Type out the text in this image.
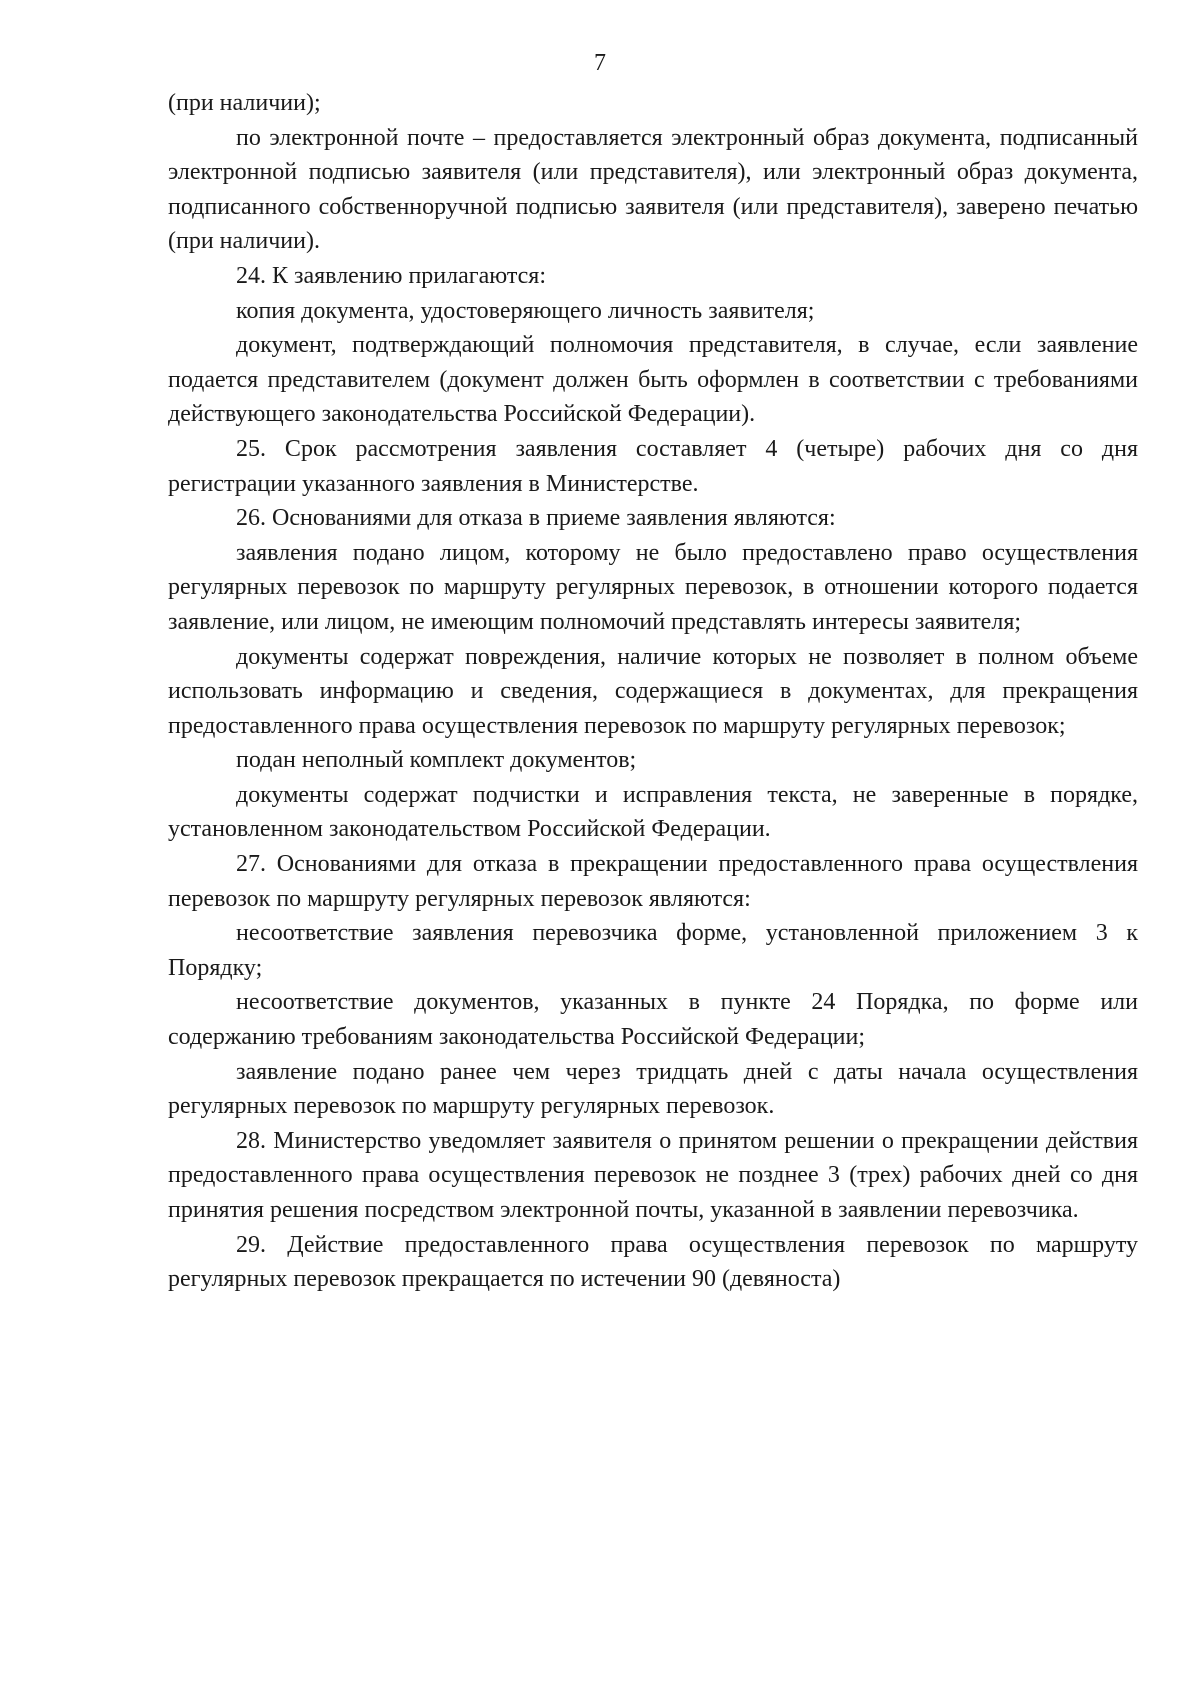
7

(при наличии);

по электронной почте – предоставляется электронный образ документа, подписанный электронной подписью заявителя (или представителя), или электронный образ документа, подписанного собственноручной подписью заявителя (или представителя), заверено печатью (при наличии).

24. К заявлению прилагаются:

копия документа, удостоверяющего личность заявителя;

документ, подтверждающий полномочия представителя, в случае, если заявление подается представителем (документ должен быть оформлен в соответствии с требованиями действующего законодательства Российской Федерации).

25. Срок рассмотрения заявления составляет 4 (четыре) рабочих дня со дня регистрации указанного заявления в Министерстве.

26. Основаниями для отказа в приеме заявления являются:

заявления подано лицом, которому не было предоставлено право осуществления регулярных перевозок по маршруту регулярных перевозок, в отношении которого подается заявление, или лицом, не имеющим полномочий представлять интересы заявителя;

документы содержат повреждения, наличие которых не позволяет в полном объеме использовать информацию и сведения, содержащиеся в документах, для прекращения предоставленного права осуществления перевозок по маршруту регулярных перевозок;

подан неполный комплект документов;

документы содержат подчистки и исправления текста, не заверенные в порядке, установленном законодательством Российской Федерации.

27. Основаниями для отказа в прекращении предоставленного права осуществления перевозок по маршруту регулярных перевозок являются:

несоответствие заявления перевозчика форме, установленной приложением 3 к Порядку;

несоответствие документов, указанных в пункте 24 Порядка, по форме или содержанию требованиям законодательства Российской Федерации;

заявление подано ранее чем через тридцать дней с даты начала осуществления регулярных перевозок по маршруту регулярных перевозок.

28. Министерство уведомляет заявителя о принятом решении о прекращении действия предоставленного права осуществления перевозок не позднее 3 (трех) рабочих дней со дня принятия решения посредством электронной почты, указанной в заявлении перевозчика.

29. Действие предоставленного права осуществления перевозок по маршруту регулярных перевозок прекращается по истечении 90 (девяноста)
